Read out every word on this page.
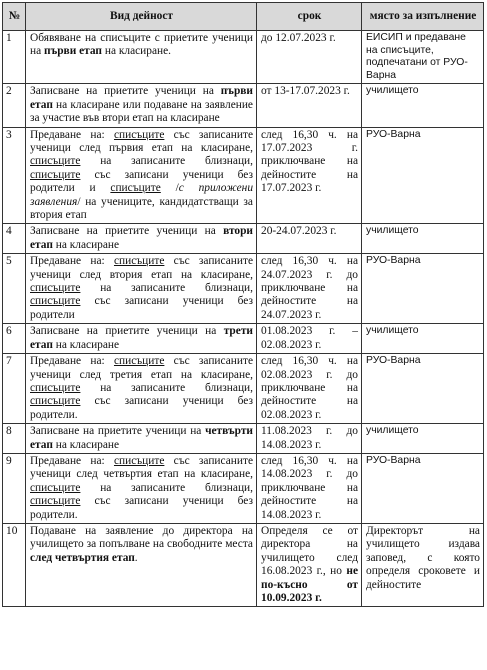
№	Вид дейност	срок	място за изпълнение
1	Обявяване на списъците с приетите ученици на първи етап на класиране.	до 12.07.2023 г.	ЕИСИП и предаване на списъците, подпечатани от РУО-Варна
2	Записване на приетите ученици на първи етап на класиране или подаване на заявление за участие във втори етап на класиране	от 13-17.07.2023 г.	училището
3	Предаване на: списъците със записаните ученици след първия етап на класиране, списъците на записаните близнаци, списъците със записани ученици без родители и списъците /с приложени заявления/ на учениците, кандидатстващи за втория етап	след 16,30 ч. на 17.07.2023 г. приключване на дейностите на 17.07.2023 г.	РУО-Варна
4	Записване на приетите ученици на втори етап на класиране	20-24.07.2023 г.	училището
5	Предаване на: списъците със записаните ученици след втория етап на класиране, списъците на записаните близнаци, списъците със записани ученици без родители	след 16,30 ч. на 24.07.2023 г. до приключване на дейностите на 24.07.2023 г.	РУО-Варна
6	Записване на приетите ученици на трети етап на класиране	01.08.2023 г. – 02.08.2023 г.	училището
7	Предаване на: списъците със записаните ученици след третия етап на класиране, списъците на записаните близнаци, списъците със записани ученици без родители.	след 16,30 ч. на 02.08.2023 г. до приключване на дейностите на 02.08.2023 г.	РУО-Варна
8	Записване на приетите ученици на четвърти етап на класиране	11.08.2023 г. до 14.08.2023 г.	училището
9	Предаване на: списъците със записаните ученици след четвъртия етап на класиране, списъците на записаните близнаци, списъците със записани ученици без родители.	след 16,30 ч. на 14.08.2023 г. до приключване на дейностите на 14.08.2023 г.	РУО-Варна
10	Подаване на заявление до директора на училището за попълване на свободните места след четвъртия етап.	Определя се от директора на училището след 16.08.2023 г., но не по-късно от 10.09.2023 г.	Директорът на училището издава заповед, с която определя сроковете и дейностите
